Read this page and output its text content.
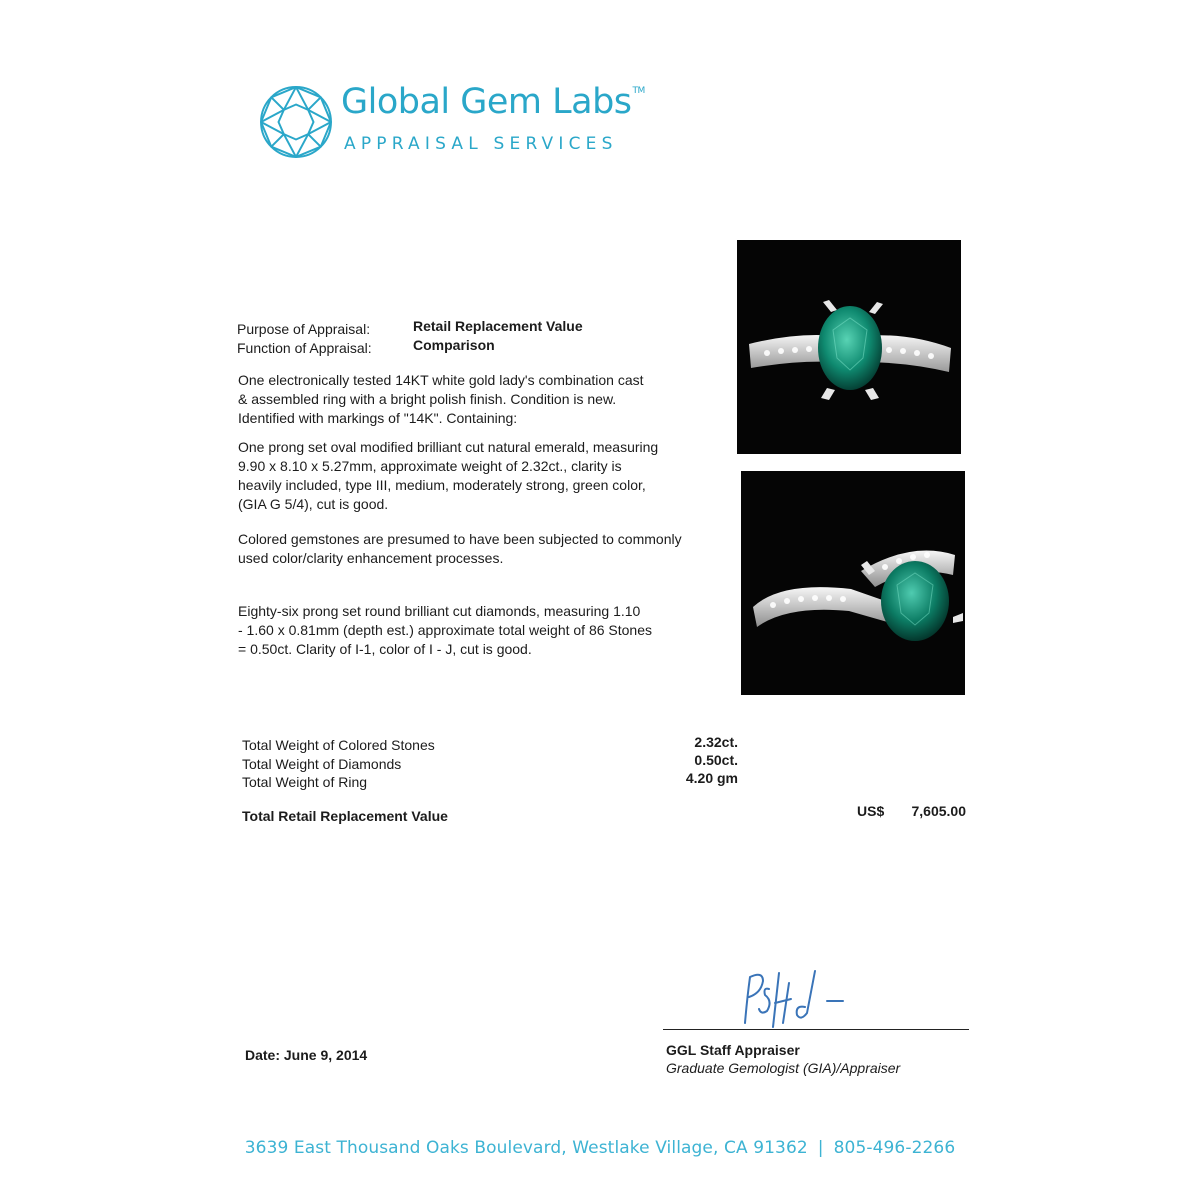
Global Gem Labs™
APPRAISAL SERVICES
Purpose of Appraisal:	Retail Replacement Value
Function of Appraisal:	Comparison

One electronically tested 14KT white gold lady's combination cast
& assembled ring with a bright polish finish. Condition is new.
Identified with markings of "14K". Containing:

One prong set oval modified brilliant cut natural emerald, measuring
9.90 x 8.10 x 5.27mm, approximate weight of 2.32ct., clarity is
heavily included, type III, medium, moderately strong, green color,
(GIA G 5/4), cut is good.

Colored gemstones are presumed to have been subjected to commonly
used color/clarity enhancement processes.

Eighty-six prong set round brilliant cut diamonds, measuring 1.10
- 1.60 x 0.81mm (depth est.) approximate total weight of 86 Stones
= 0.50ct. Clarity of I-1, color of I - J, cut is good.

Total Weight of Colored Stones	2.32ct.
Total Weight of Diamonds	0.50ct.
Total Weight of Ring	4.20 gm
Total Retail Replacement Value	US$	7,605.00
Date: June 9, 2014	GGL Staff Appraiser
Graduate Gemologist (GIA)/Appraiser
3639 East Thousand Oaks Boulevard, Westlake Village, CA 91362 | 805-496-2266
